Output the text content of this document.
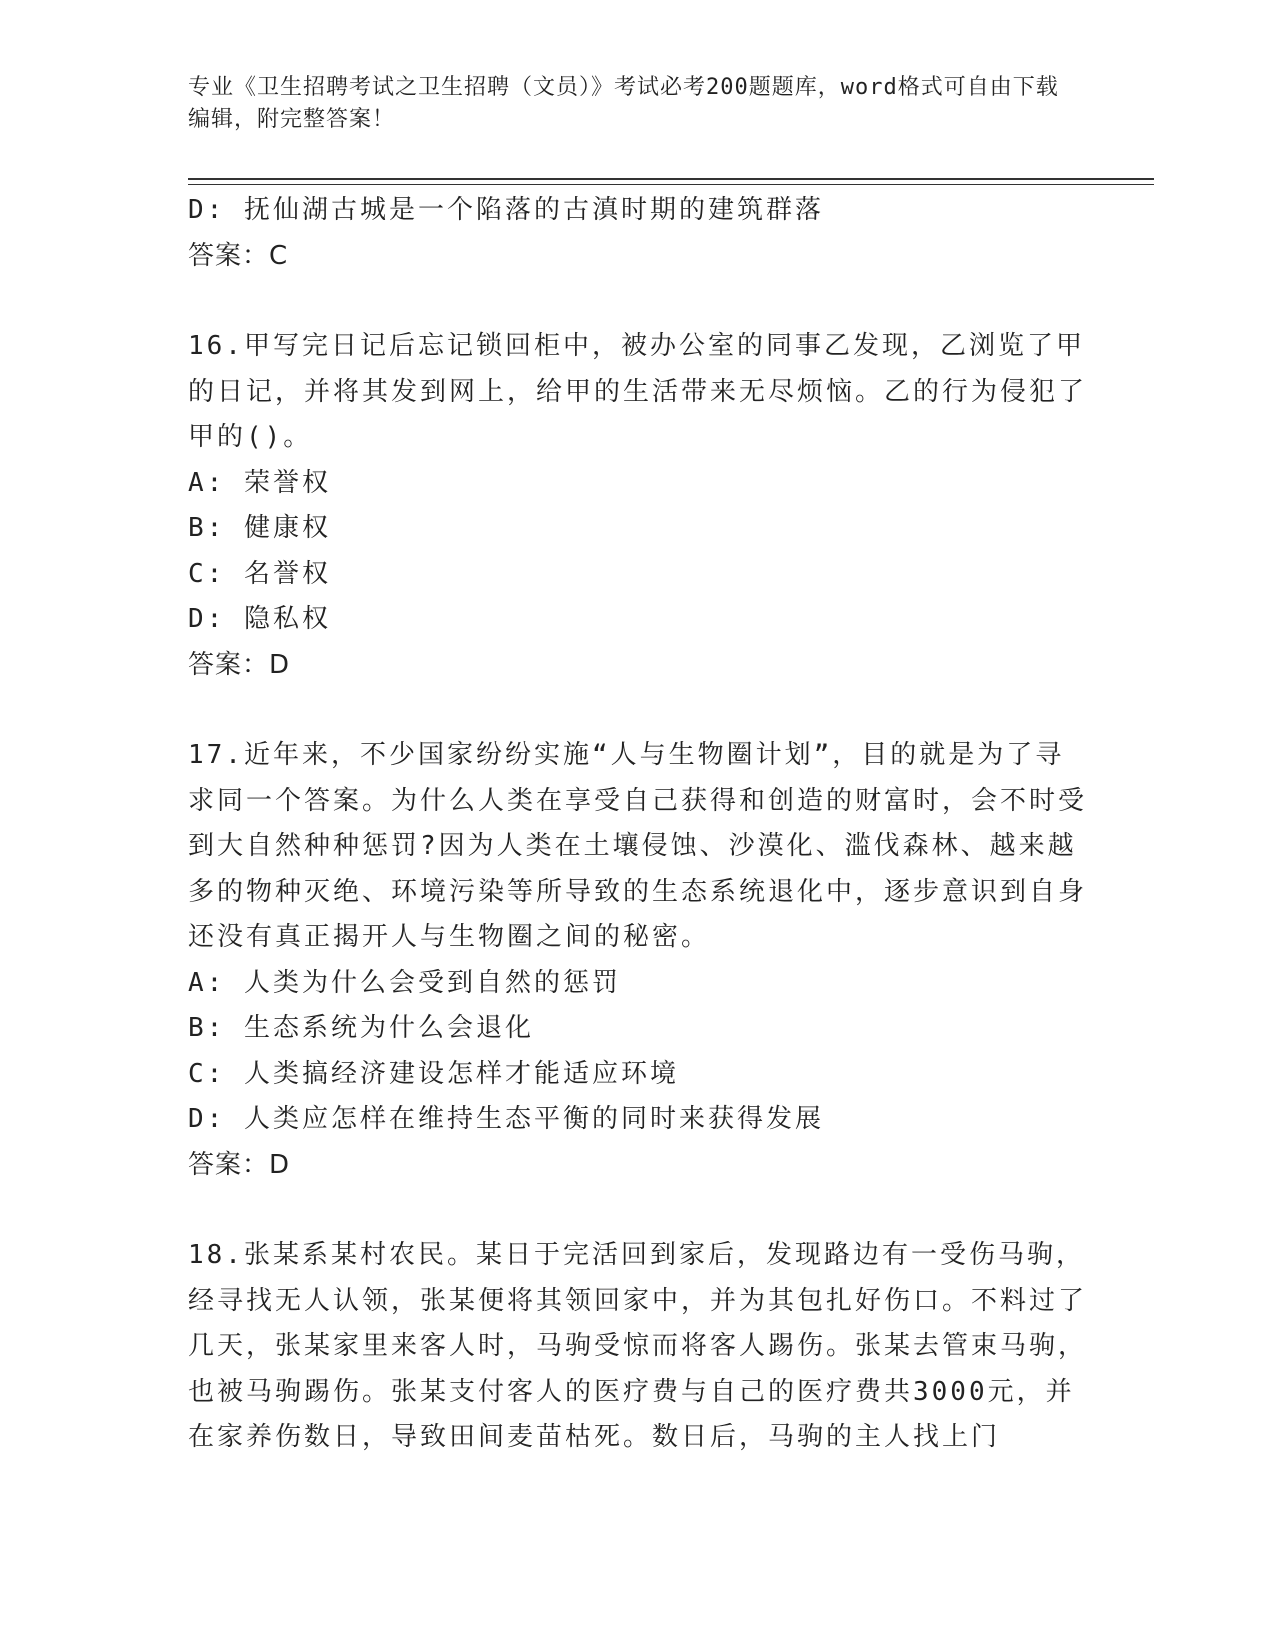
专业《卫生招聘考试之卫生招聘（文员）》考试必考200题题库，word格式可自由下载编辑，附完整答案！
D: 抚仙湖古城是一个陷落的古滇时期的建筑群落
答案：C
16.甲写完日记后忘记锁回柜中，被办公室的同事乙发现，乙浏览了甲的日记，并将其发到网上，给甲的生活带来无尽烦恼。乙的行为侵犯了甲的()。
A: 荣誉权
B: 健康权
C: 名誉权
D: 隐私权
答案：D
17.近年来，不少国家纷纷实施“人与生物圈计划”，目的就是为了寻求同一个答案。为什么人类在享受自己获得和创造的财富时，会不时受到大自然种种惩罚?因为人类在土壤侵蚀、沙漠化、滥伐森林、越来越多的物种灭绝、环境污染等所导致的生态系统退化中，逐步意识到自身还没有真正揭开人与生物圈之间的秘密。
A: 人类为什么会受到自然的惩罚
B: 生态系统为什么会退化
C: 人类搞经济建设怎样才能适应环境
D: 人类应怎样在维持生态平衡的同时来获得发展
答案：D
18.张某系某村农民。某日于完活回到家后，发现路边有一受伤马驹，经寻找无人认领，张某便将其领回家中，并为其包扎好伤口。不料过了几天，张某家里来客人时，马驹受惊而将客人踢伤。张某去管束马驹，也被马驹踢伤。张某支付客人的医疗费与自己的医疗费共3000元，并在家养伤数日，导致田间麦苗枯死。数日后，马驹的主人找上门
